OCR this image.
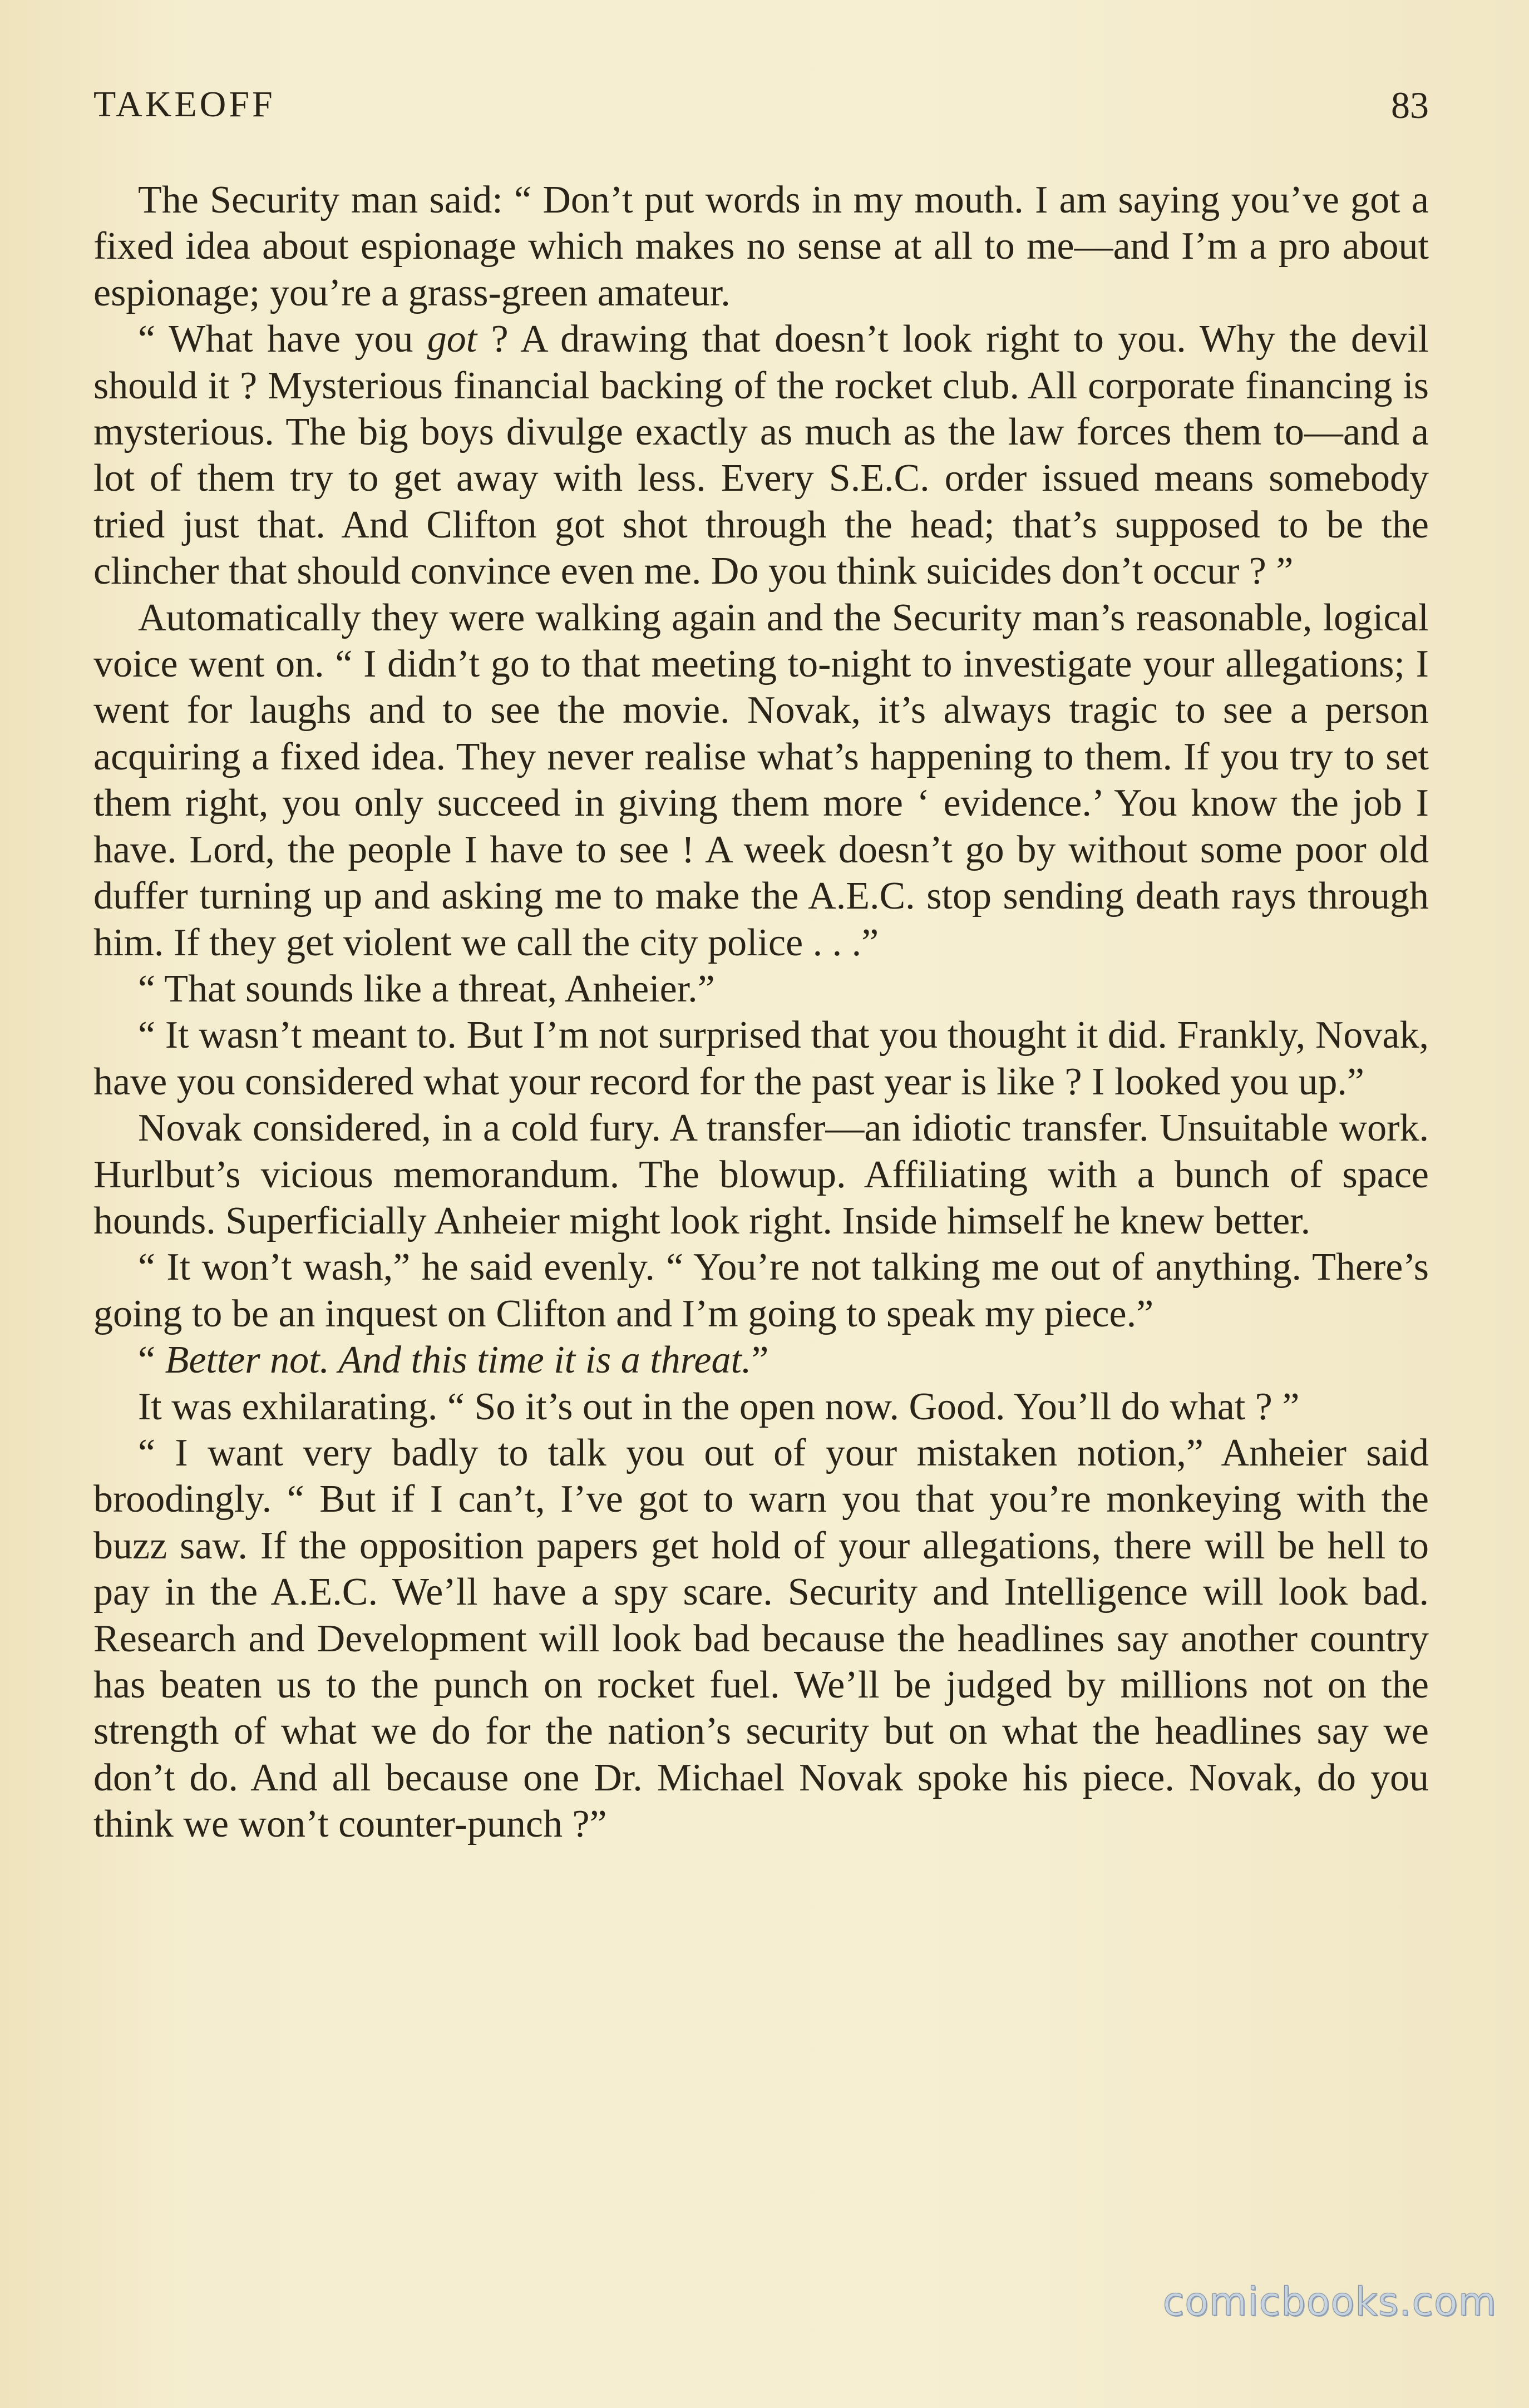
TAKEOFF	83

The Security man said: “ Don’t put words in my mouth. I am saying you’ve got a fixed idea about espionage which makes no sense at all to me—and I’m a pro about espionage; you’re a grass-green amateur.

“ What have you got ? A drawing that doesn’t look right to you. Why the devil should it ? Mysterious financial backing of the rocket club. All corporate financing is mysterious. The big boys divulge exactly as much as the law forces them to—and a lot of them try to get away with less. Every S.E.C. order issued means somebody tried just that. And Clifton got shot through the head; that’s supposed to be the clincher that should convince even me. Do you think suicides don’t occur ? ”

Automatically they were walking again and the Security man’s reasonable, logical voice went on. “ I didn’t go to that meeting to-night to investigate your allegations; I went for laughs and to see the movie. Novak, it’s always tragic to see a person acquiring a fixed idea. They never realise what’s happening to them. If you try to set them right, you only succeed in giving them more ‘ evidence.’ You know the job I have. Lord, the people I have to see ! A week doesn’t go by without some poor old duffer turning up and asking me to make the A.E.C. stop sending death rays through him. If they get violent we call the city police . . .”

“ That sounds like a threat, Anheier.”

“ It wasn’t meant to. But I’m not surprised that you thought it did. Frankly, Novak, have you considered what your record for the past year is like ? I looked you up.”

Novak considered, in a cold fury. A transfer—an idiotic transfer. Unsuitable work. Hurlbut’s vicious memorandum. The blowup. Affiliating with a bunch of space hounds. Superficially Anheier might look right. Inside himself he knew better.

“ It won’t wash,” he said evenly. “ You’re not talking me out of anything. There’s going to be an inquest on Clifton and I’m going to speak my piece.”

“ Better not. And this time it is a threat.”

It was exhilarating. “ So it’s out in the open now. Good. You’ll do what ? ”

“ I want very badly to talk you out of your mistaken notion,” Anheier said broodingly. “ But if I can’t, I’ve got to warn you that you’re monkeying with the buzz saw. If the opposition papers get hold of your allegations, there will be hell to pay in the A.E.C. We’ll have a spy scare. Security and Intelligence will look bad. Research and Development will look bad because the headlines say another country has beaten us to the punch on rocket fuel. We’ll be judged by millions not on the strength of what we do for the nation’s security but on what the headlines say we don’t do. And all because one Dr. Michael Novak spoke his piece. Novak, do you think we won’t counter-punch ?”

comicbooks.com
